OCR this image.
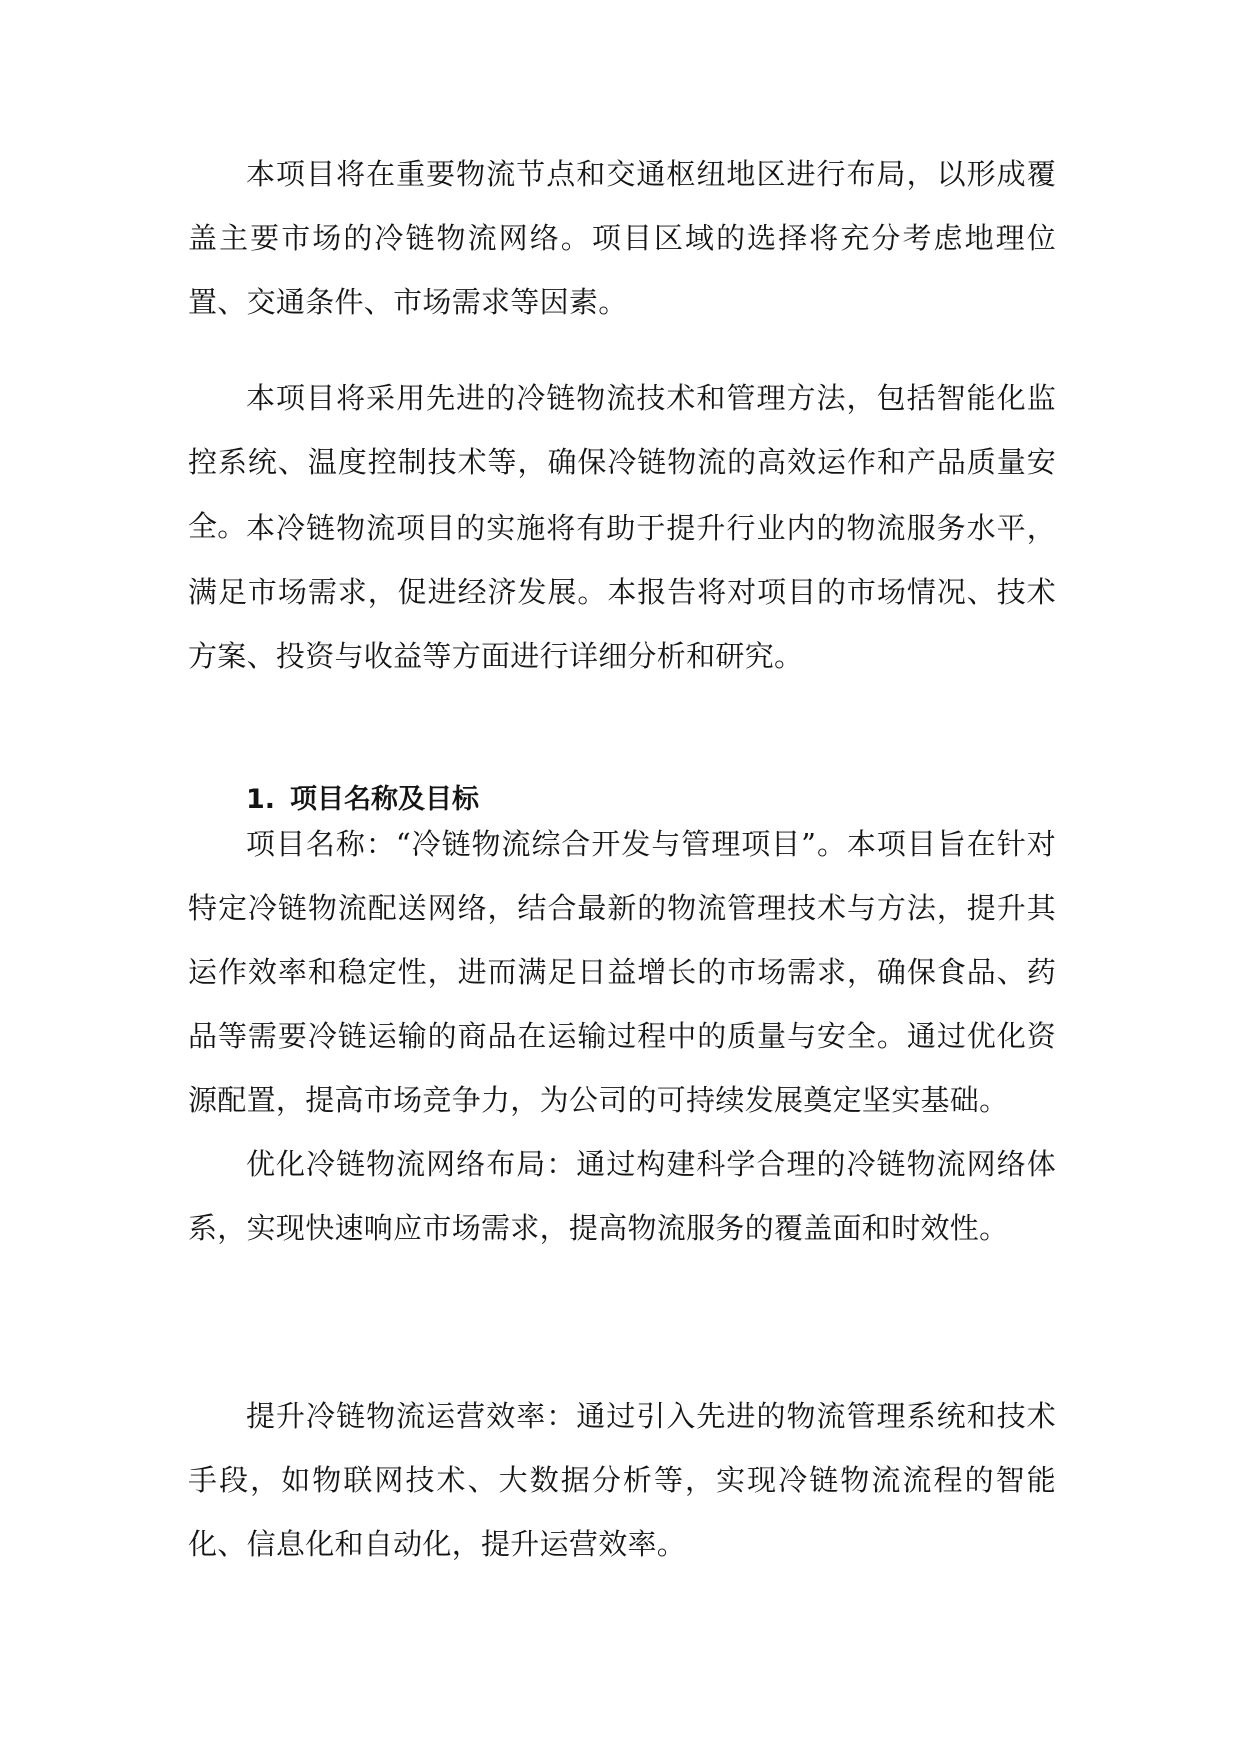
本项目将在重要物流节点和交通枢纽地区进行布局，以形成覆盖主要市场的冷链物流网络。项目区域的选择将充分考虑地理位置、交通条件、市场需求等因素。

本项目将采用先进的冷链物流技术和管理方法，包括智能化监控系统、温度控制技术等，确保冷链物流的高效运作和产品质量安全。 本冷链物流项目的实施将有助于提升行业内的物流服务水平，满足市场需求，促进经济发展。本报告将对项目的市场情况、技术方案、投资与收益等方面进行详细分析和研究。

1. 项目名称及目标

项目名称：“冷链物流综合开发与管理项目”。本项目旨在针对特定冷链物流配送网络，结合最新的物流管理技术与方法，提升其运作效率和稳定性，进而满足日益增长的市场需求，确保食品、药品等需要冷链运输的商品在运输过程中的质量与安全。通过优化资源配置，提高市场竞争力，为公司的可持续发展奠定坚实基础。

优化冷链物流网络布局：通过构建科学合理的冷链物流网络体系，实现快速响应市场需求，提高物流服务的覆盖面和时效性。

提升冷链物流运营效率：通过引入先进的物流管理系统和技术手段，如物联网技术、大数据分析等，实现冷链物流流程的智能化、信息化和自动化，提升运营效率。
